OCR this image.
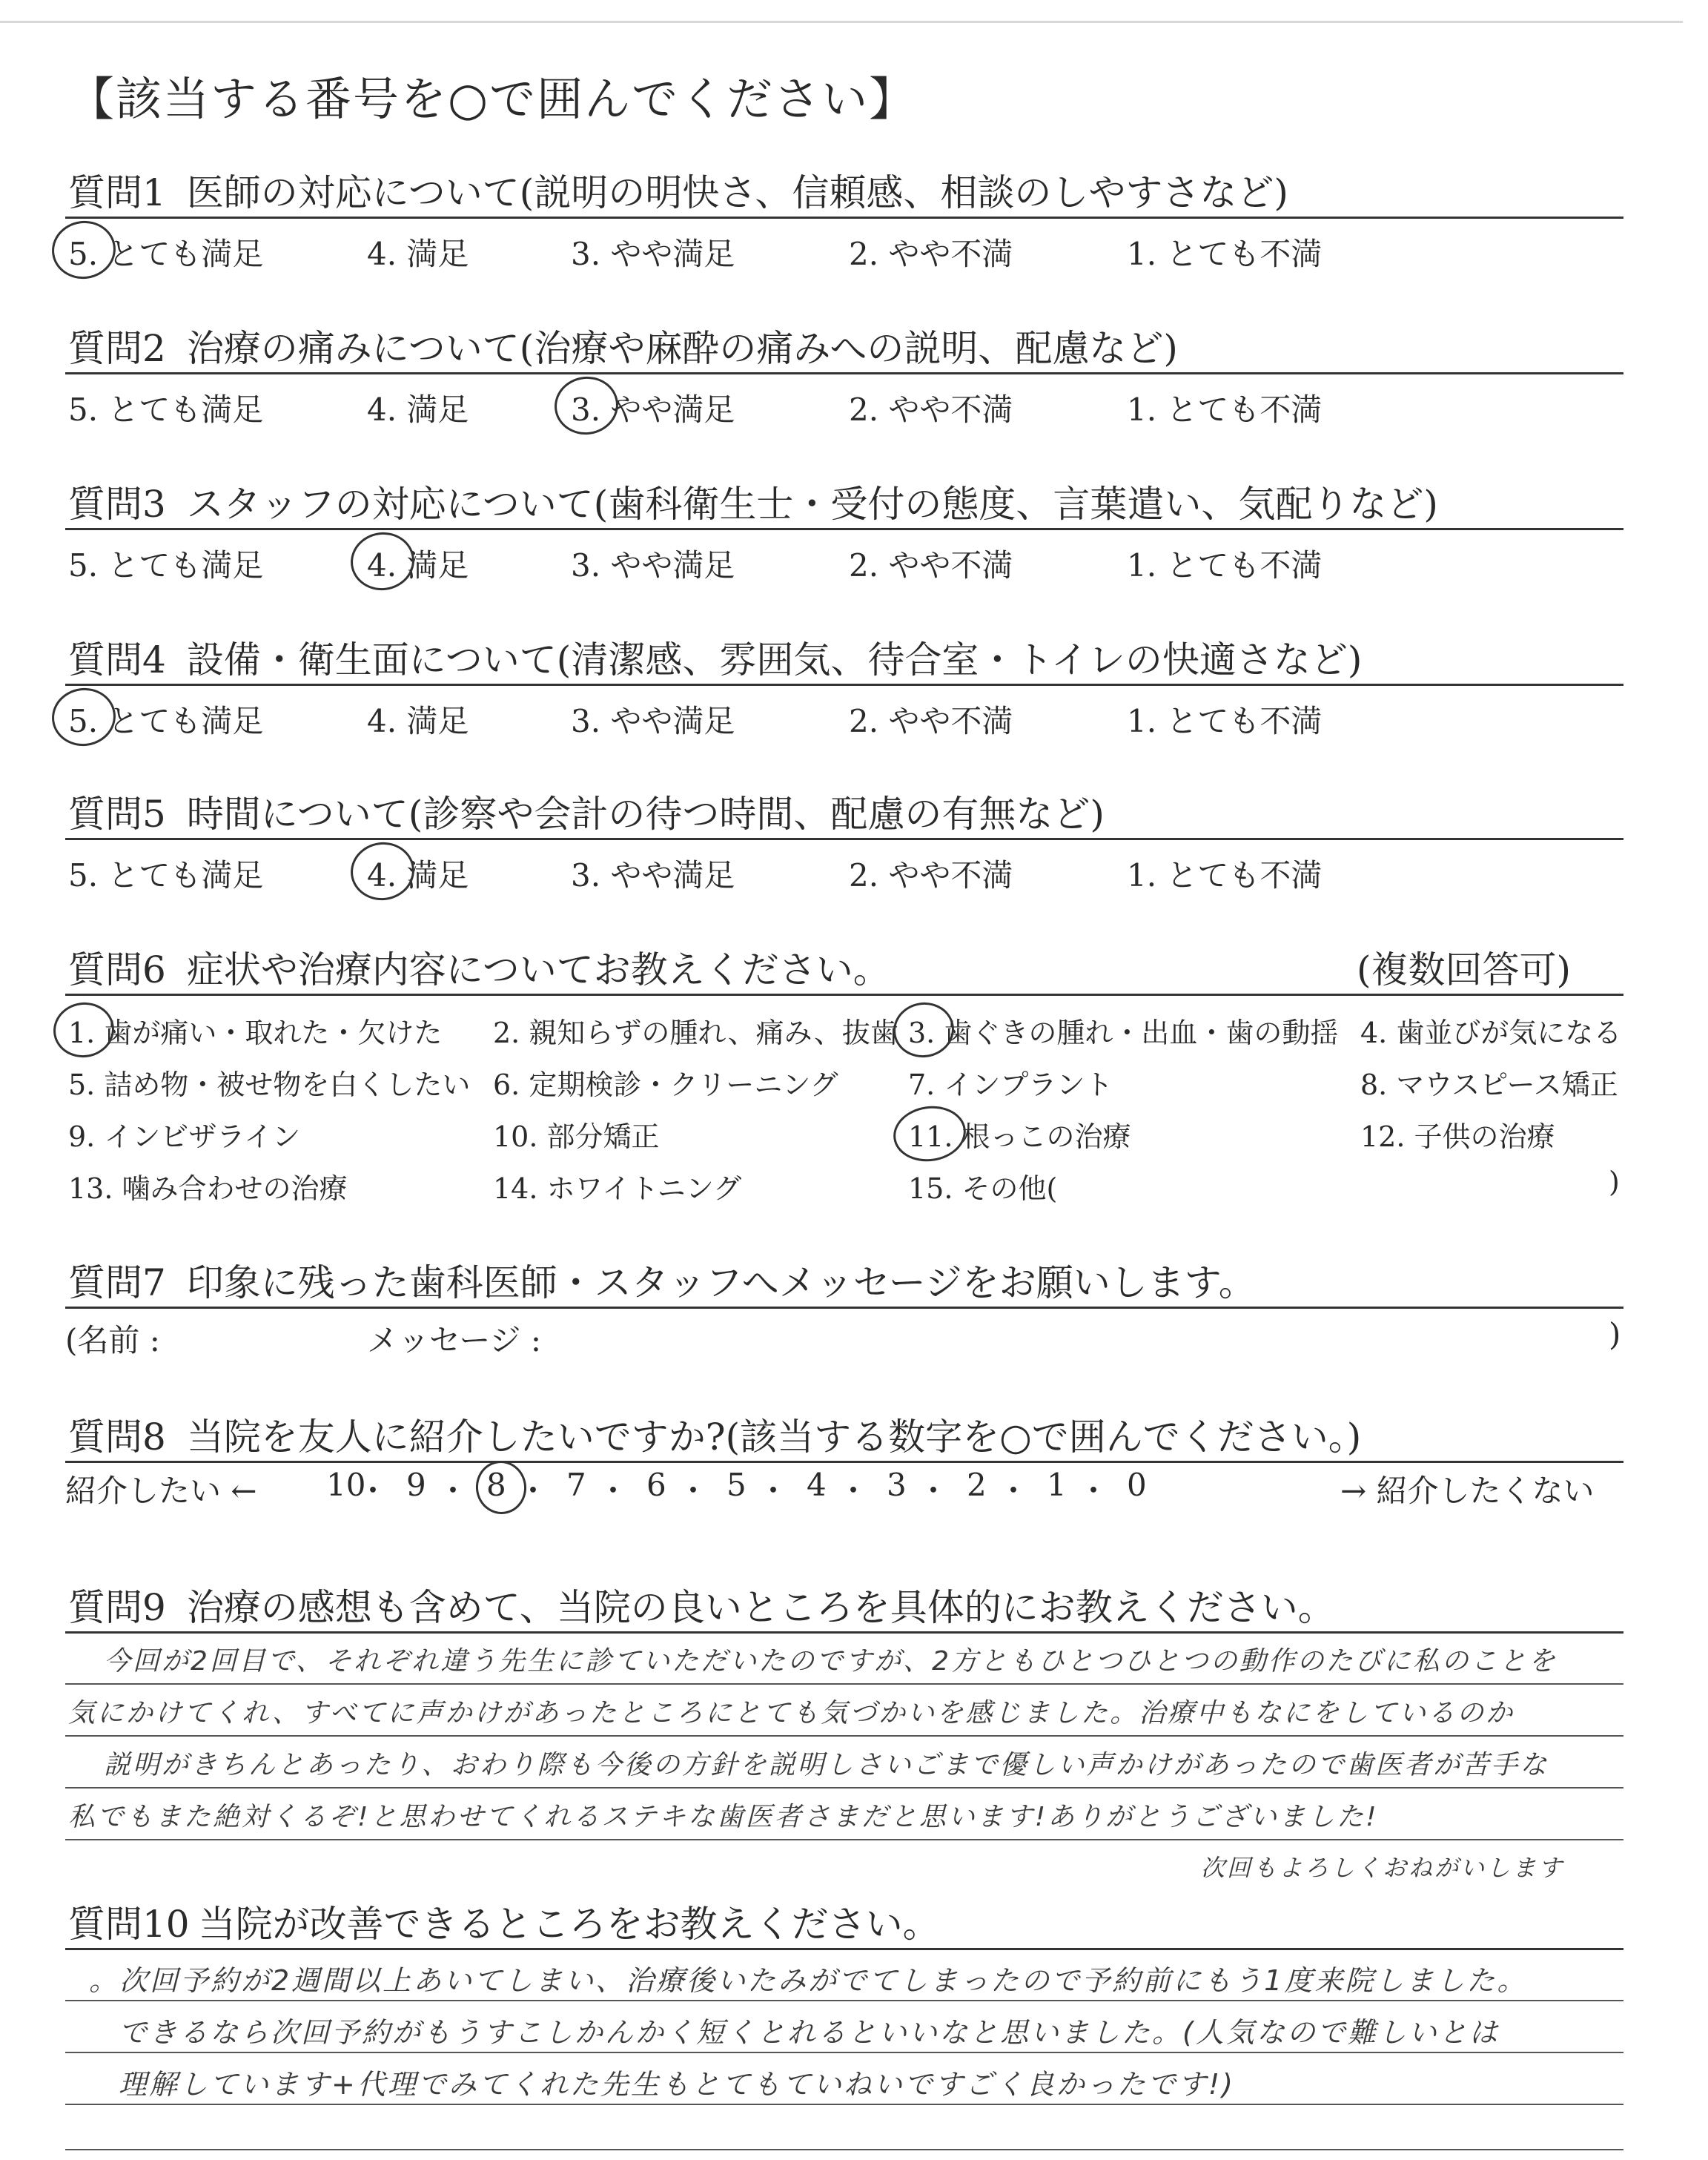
【該当する番号を○で囲んでください】
質問1 医師の対応について(説明の明快さ、信頼感、相談のしやすさなど)
5. とても満足	4. 満足	3. やや満足	2. やや不満	1. とても不満
質問2 治療の痛みについて(治療や麻酔の痛みへの説明、配慮など)
5. とても満足	4. 満足	3. やや満足	2. やや不満	1. とても不満
質問3 スタッフの対応について(歯科衛生士・受付の態度、言葉遣い、気配りなど)
5. とても満足	4. 満足	3. やや満足	2. やや不満	1. とても不満
質問4 設備・衛生面について(清潔感、雰囲気、待合室・トイレの快適さなど)
5. とても満足	4. 満足	3. やや満足	2. やや不満	1. とても不満
質問5 時間について(診察や会計の待つ時間、配慮の有無など)
5. とても満足	4. 満足	3. やや満足	2. やや不満	1. とても不満
質問6 症状や治療内容についてお教えください。	(複数回答可)
1. 歯が痛い・取れた・欠けた 2. 親知らずの腫れ、痛み、抜歯 3. 歯ぐきの腫れ・出血・歯の動揺 4. 歯並びが気になる
5. 詰め物・被せ物を白くしたい 6. 定期検診・クリーニング 7. インプラント	8. マウスピース矯正
9. インビザライン	10. 部分矯正	11. 根っこの治療	12. 子供の治療
13. 噛み合わせの治療	14. ホワイトニング	15. その他(	)
質問7 印象に残った歯科医師・スタッフへメッセージをお願いします。
(名前 :	メッセージ :	)
質問8 当院を友人に紹介したいですか?(該当する数字を○で囲んでください。)
紹介したい ←	→ 紹介したくない
10
・ 9 ・ 8 ・ 7 ・ 6 ・ 5 ・ 4 ・ 3 ・ 2 ・ 1 ・ 0
質問9 治療の感想も含めて、当院の良いところを具体的にお教えください。
今回が2回目で、それぞれ違う先生に診ていただいたのですが、2方ともひとつひとつの動作のたびに私のことを
気にかけてくれ、すべてに声かけがあったところにとても気づかいを感じました。治療中もなにをしているのか
説明がきちんとあったり、おわり際も今後の方針を説明しさいごまで優しい声かけがあったので歯医者が苦手な
私でもまた絶対くるぞ!と思わせてくれるステキな歯医者さまだと思います!ありがとうございました!
次回もよろしくおねがいします
質問10 当院が改善できるところをお教えください。
。次回予約が2週間以上あいてしまい、治療後いたみがでてしまったので予約前にもう1度来院しました。
できるなら次回予約がもうすこしかんかく短くとれるといいなと思いました。(人気なので難しいとは
理解しています+代理でみてくれた先生もとてもていねいですごく良かったです!)
